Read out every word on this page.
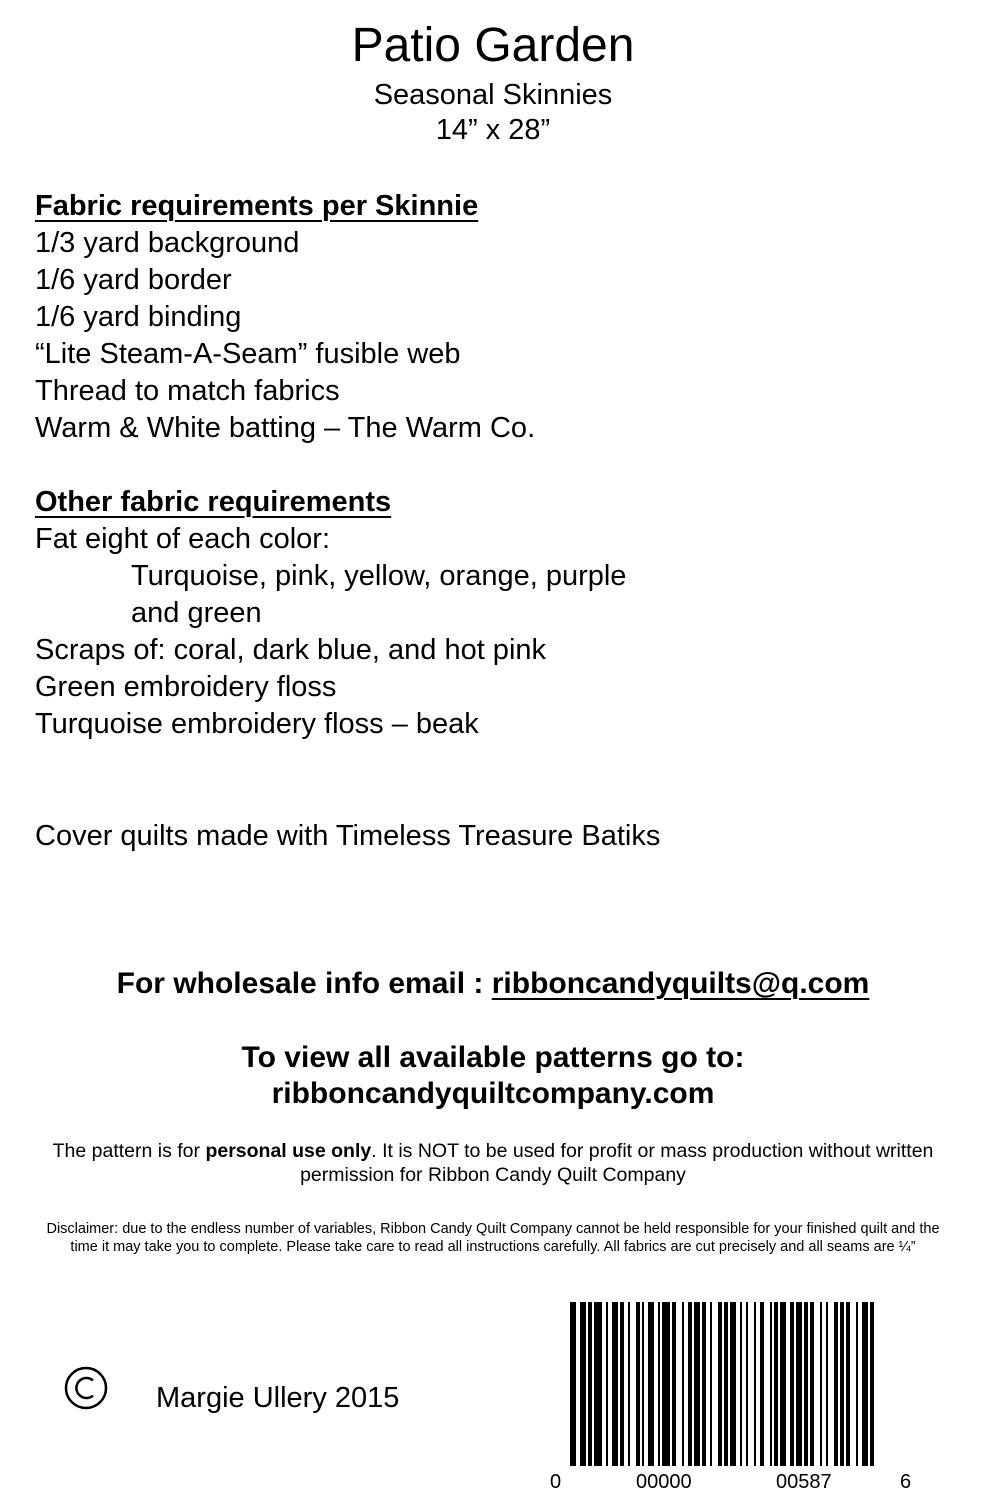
Patio Garden
Seasonal Skinnies
14” x 28”
Fabric requirements per Skinnie
1/3 yard background
1/6 yard border
1/6 yard binding
“Lite Steam-A-Seam” fusible web
Thread to match fabrics
Warm & White batting – The Warm Co.
Other fabric requirements
Fat eight of each color:
Turquoise, pink, yellow, orange, purple
and green
Scraps of: coral, dark blue, and hot pink
Green embroidery floss
Turquoise embroidery floss – beak
Cover quilts made with Timeless Treasure Batiks
For wholesale info email : ribboncandyquilts@q.com
To view all available patterns go to:
ribboncandyquiltcompany.com
The pattern is for personal use only. It is NOT to be used for profit or mass production without written permission for Ribbon Candy Quilt Company
Disclaimer: due to the endless number of variables, Ribbon Candy Quilt Company cannot be held responsible for your finished quilt and the time it may take you to complete. Please take care to read all instructions carefully. All fabrics are cut precisely and all seams are ¼”
Margie Ullery 2015
0	00000	00587	6
